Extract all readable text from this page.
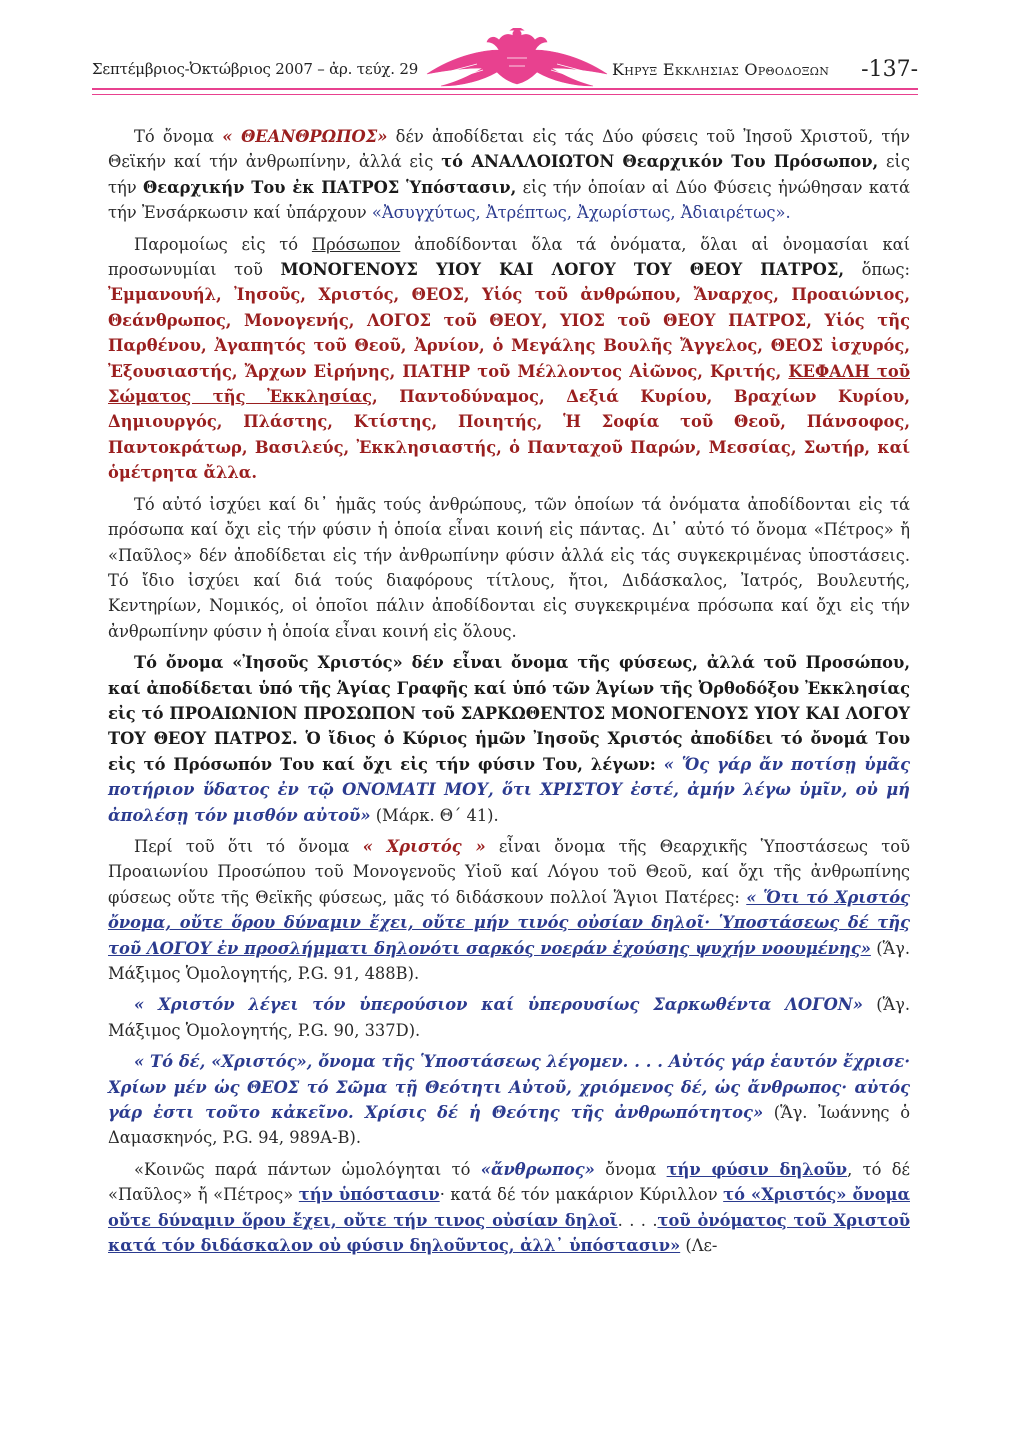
Σεπτέμβριος-Ὀκτώβριος 2007 – ἀρ. τεύχ. 29	Κηρυξ Εκκλησιας Ορθοδοξων -137-

Τό ὄνομα « ΘΕΑΝΘΡΩΠΟΣ» δέν ἀποδίδεται εἰς τάς Δύο φύσεις τοῦ Ἰησοῦ Χριστοῦ, τήν Θεϊκήν καί τήν ἀνθρωπίνην, ἀλλά εἰς τό ΑΝΑΛΛΟΙΩΤΟΝ Θεαρχικόν Του Πρόσωπον, εἰς τήν Θεαρχικήν Του ἐκ ΠΑΤΡΟΣ Ὑπόστασιν, εἰς τήν ὁποίαν αἱ Δύο Φύσεις ἡνώθησαν κατά τήν Ἐνσάρκωσιν καί ὑπάρχουν «Ἀσυγχύτως, Ἀτρέπτως, Ἀχωρίστως, Ἀδιαιρέτως».

Παρομοίως εἰς τό Πρόσωπον ἀποδίδονται ὅλα τά ὀνόματα, ὅλαι αἱ ὀνομασίαι καί προσωνυμίαι τοῦ ΜΟΝΟΓΕΝΟΥΣ ΥΙΟΥ ΚΑΙ ΛΟΓΟΥ ΤΟΥ ΘΕΟΥ ΠΑΤΡΟΣ, ὅπως: Ἐμμανουήλ, Ἰησοῦς, Χριστός, ΘΕΟΣ, Υἱός τοῦ ἀνθρώπου, Ἄναρχος, Προαιώνιος, Θεάνθρωπος, Μονογενής, ΛΟΓΟΣ τοῦ ΘΕΟΥ, ΥΙΟΣ τοῦ ΘΕΟΥ ΠΑΤΡΟΣ, Υἱός τῆς Παρθένου, Ἀγαπητός τοῦ Θεοῦ, Ἀρνίον, ὁ Μεγάλης Βουλῆς Ἄγγελος, ΘΕΟΣ ἰσχυρός, Ἐξουσιαστής, Ἄρχων Εἰρήνης, ΠΑΤΗΡ τοῦ Μέλλοντος Αἰῶνος, Κριτής, ΚΕΦΑΛΗ τοῦ Σώματος τῆς Ἐκκλησίας, Παντοδύναμος, Δεξιά Κυρίου, Βραχίων Κυρίου, Δημιουργός, Πλάστης, Κτίστης, Ποιητής, Ἡ Σοφία τοῦ Θεοῦ, Πάνσοφος, Παντοκράτωρ, Βασιλεύς, Ἐκκλησιαστής, ὁ Πανταχοῦ Παρών, Μεσσίας, Σωτήρ, καί ὁμέτρητα ἄλλα.

Τό αὐτό ἰσχύει καί δι᾽ ἡμᾶς τούς ἀνθρώπους, τῶν ὁποίων τά ὀνόματα ἀποδίδονται εἰς τά πρόσωπα καί ὄχι εἰς τήν φύσιν ἡ ὁποία εἶναι κοινή εἰς πάντας. Δι᾽ αὐτό τό ὄνομα «Πέτρος» ἤ «Παῦλος» δέν ἀποδίδεται εἰς τήν ἀνθρωπίνην φύσιν ἀλλά εἰς τάς συγκεκριμένας ὑποστάσεις. Τό ἴδιο ἰσχύει καί διά τούς διαφόρους τίτλους, ἤτοι, Διδάσκαλος, Ἰατρός, Βουλευτής, Κεντηρίων, Νομικός, οἱ ὁποῖοι πάλιν ἀποδίδονται εἰς συγκεκριμένα πρόσωπα καί ὄχι εἰς τήν ἀνθρωπίνην φύσιν ἡ ὁποία εἶναι κοινή εἰς ὅλους.

Τό ὄνομα «Ἰησοῦς Χριστός» δέν εἶναι ὄνομα τῆς φύσεως, ἀλλά τοῦ Προσώπου, καί ἀποδίδεται ὑπό τῆς Ἁγίας Γραφῆς καί ὑπό τῶν Ἁγίων τῆς Ὀρθοδόξου Ἐκκλησίας εἰς τό ΠΡΟΑΙΩΝΙΟΝ ΠΡΟΣΩΠΟΝ τοῦ ΣΑΡΚΩΘΕΝΤΟΣ ΜΟΝΟΓΕΝΟΥΣ ΥΙΟΥ ΚΑΙ ΛΟΓΟΥ ΤΟΥ ΘΕΟΥ ΠΑΤΡΟΣ. Ὁ ἴδιος ὁ Κύριος ἡμῶν Ἰησοῦς Χριστός ἀποδίδει τό ὄνομά Του εἰς τό Πρόσωπόν Του καί ὄχι εἰς τήν φύσιν Του, λέγων: « Ὅς γάρ ἄν ποτίσῃ ὑμᾶς ποτήριον ὕδατος ἐν τῷ ΟΝΟΜΑΤΙ ΜΟΥ, ὅτι ΧΡΙΣΤΟΥ ἐστέ, ἀμήν λέγω ὑμῖν, οὐ μή ἀπολέσῃ τόν μισθόν αὐτοῦ» (Μάρκ. Θ΄ 41).

Περί τοῦ ὅτι τό ὄνομα « Χριστός » εἶναι ὄνομα τῆς Θεαρχικῆς Ὑποστάσεως τοῦ Προαιωνίου Προσώπου τοῦ Μονογενοῦς Υἱοῦ καί Λόγου τοῦ Θεοῦ, καί ὄχι τῆς ἀνθρωπίνης φύσεως οὔτε τῆς Θεϊκῆς φύσεως, μᾶς τό διδάσκουν πολλοί Ἅγιοι Πατέρες: « Ὅτι τό Χριστός ὄνομα, οὔτε ὅρου δύναμιν ἔχει, οὔτε μήν τινός οὐσίαν δηλοῖ· Ὑποστάσεως δέ τῆς τοῦ ΛΟΓΟΥ ἐν προσλήμματι δηλονότι σαρκός νοεράν ἐχούσης ψυχήν νοουμένης» (Ἅγ. Μάξιμος Ὁμολογητής, P.G. 91, 488B).

« Χριστόν λέγει τόν ὑπερούσιον καί ὑπερουσίως Σαρκωθέντα ΛΟΓΟΝ» (Ἅγ. Μάξιμος Ὁμολογητής, P.G. 90, 337D).

« Τό δέ, «Χριστός», ὄνομα τῆς Ὑποστάσεως λέγομεν. . . . Αὐτός γάρ ἑαυτόν ἔχρισε· Χρίων μέν ὡς ΘΕΟΣ τό Σῶμα τῇ Θεότητι Αὐτοῦ, χριόμενος δέ, ὡς ἄνθρωπος· αὐτός γάρ ἐστι τοῦτο κἀκεῖνο. Χρίσις δέ ἡ Θεότης τῆς ἀνθρωπότητος» (Ἅγ. Ἰωάννης ὁ Δαμασκηνός, P.G. 94, 989A-B).

«Κοινῶς παρά πάντων ὡμολόγηται τό «ἄνθρωπος» ὄνομα τήν φύσιν δηλοῦν, τό δέ «Παῦλος» ἤ «Πέτρος» τήν ὑπόστασιν· κατά δέ τόν μακάριον Κύριλλον τό «Χριστός» ὄνομα οὔτε δύναμιν ὅρου ἔχει, οὔτε τήν τινος οὐσίαν δηλοῖ. . . .τοῦ ὀνόματος τοῦ Χριστοῦ κατά τόν διδάσκαλον οὐ φύσιν δηλοῦντος, ἀλλ᾽ ὑπόστασιν» (Λε-
